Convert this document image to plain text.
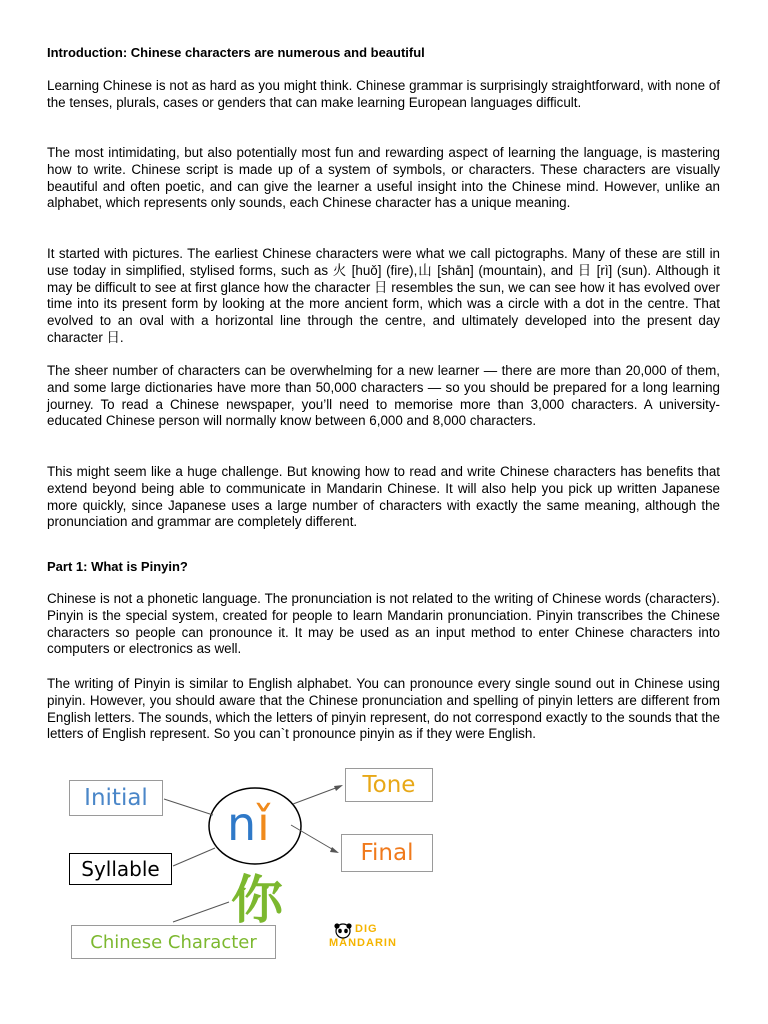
Introduction: Chinese characters are numerous and beautiful

Learning Chinese is not as hard as you might think. Chinese grammar is surprisingly straightforward, with none of the tenses, plurals, cases or genders that can make learning European languages difficult.

The most intimidating, but also potentially most fun and rewarding aspect of learning the language, is mastering how to write. Chinese script is made up of a system of symbols, or characters. These characters are visually beautiful and often poetic, and can give the learner a useful insight into the Chinese mind. However, unlike an alphabet, which represents only sounds, each Chinese character has a unique meaning.

It started with pictures. The earliest Chinese characters were what we call pictographs. Many of these are still in use today in simplified, stylised forms, such as 火 [huǒ] (fire),山 [shān] (mountain), and 日 [rì] (sun). Although it may be difficult to see at first glance how the character 日 resembles the sun, we can see how it has evolved over time into its present form by looking at the more ancient form, which was a circle with a dot in the centre. That evolved to an oval with a horizontal line through the centre, and ultimately developed into the present day character 日.

The sheer number of characters can be overwhelming for a new learner — there are more than 20,000 of them, and some large dictionaries have more than 50,000 characters — so you should be prepared for a long learning journey. To read a Chinese newspaper, you’ll need to memorise more than 3,000 characters. A university-educated Chinese person will normally know between 6,000 and 8,000 characters.

This might seem like a huge challenge. But knowing how to read and write Chinese characters has benefits that extend beyond being able to communicate in Mandarin Chinese. It will also help you pick up written Japanese more quickly, since Japanese uses a large number of characters with exactly the same meaning, although the pronunciation and grammar are completely different.

Part 1: What is Pinyin?

Chinese is not a phonetic language. The pronunciation is not related to the writing of Chinese words (characters). Pinyin is the special system, created for people to learn Mandarin pronunciation. Pinyin transcribes the Chinese characters so people can pronounce it. It may be used as an input method to enter Chinese characters into computers or electronics as well.

The writing of Pinyin is similar to English alphabet. You can pronounce every single sound out in Chinese using pinyin. However, you should aware that the Chinese pronunciation and spelling of pinyin letters are different from English letters. The sounds, which the letters of pinyin represent, do not correspond exactly to the sounds that the letters of English represent. So you can`t pronounce pinyin as if they were English.

Initial	Tone
Final
Syllable
Chinese Character
n ǐ
你	DIG
MANDARIN
